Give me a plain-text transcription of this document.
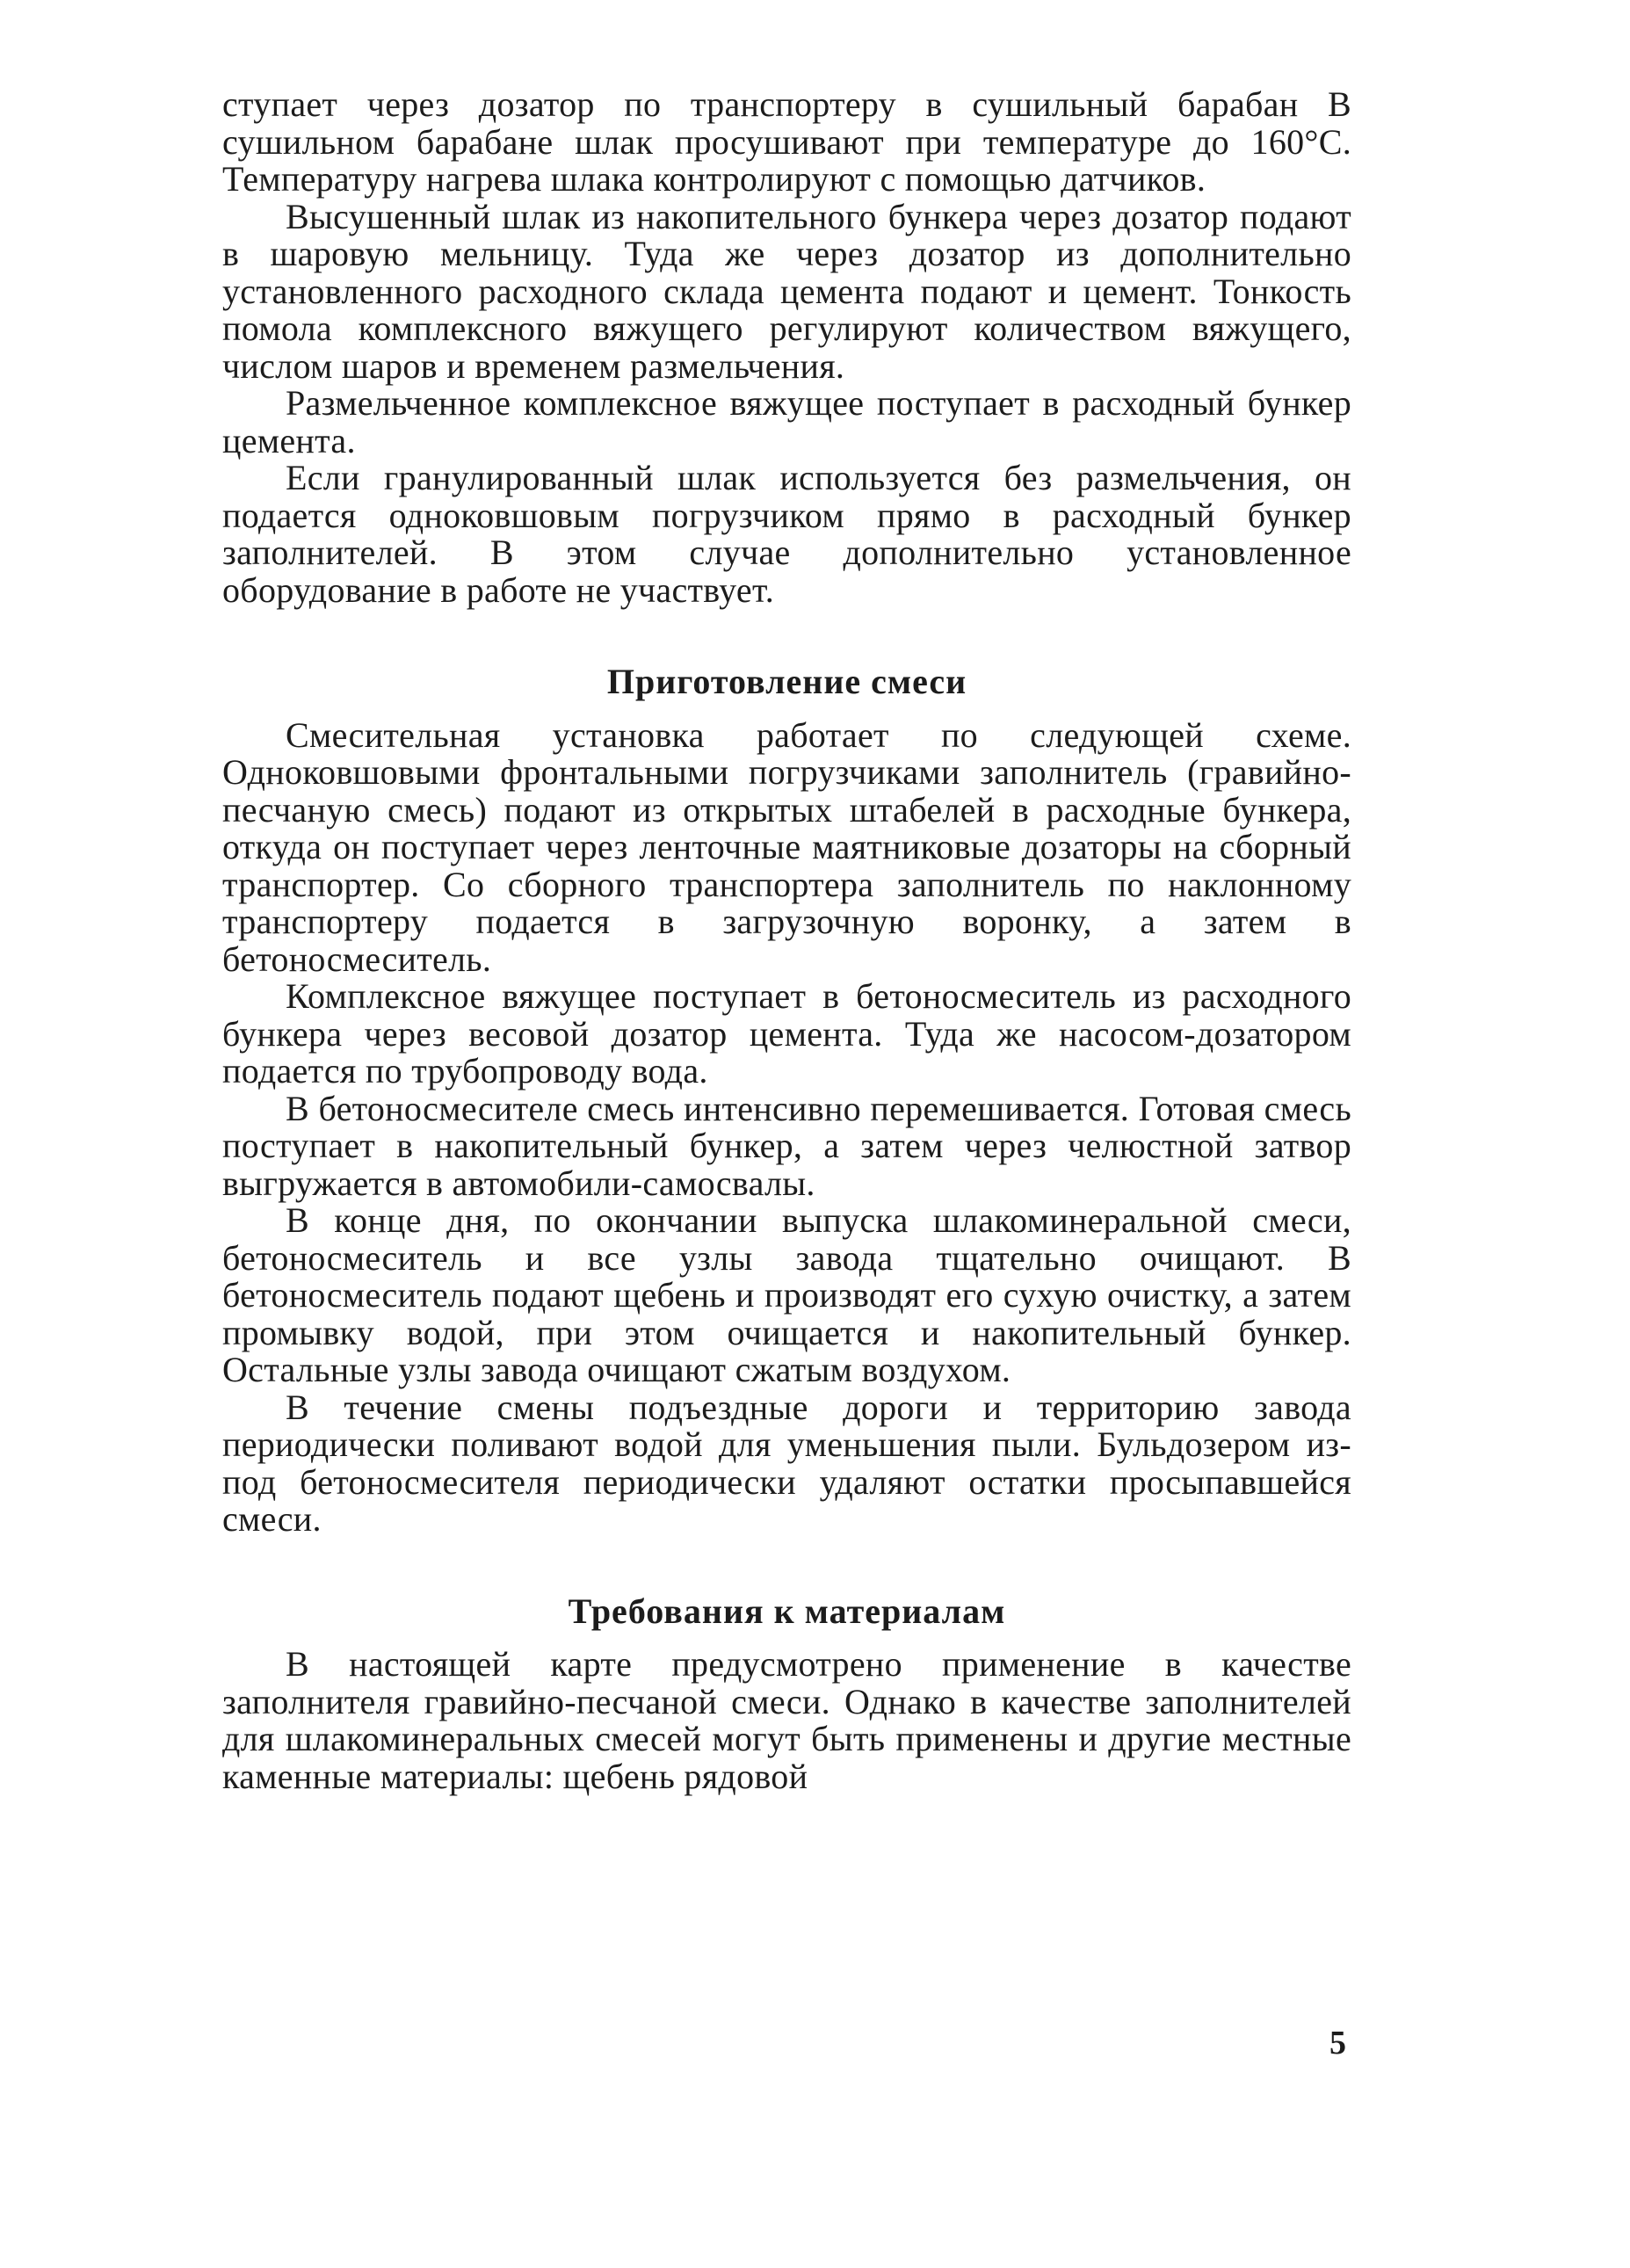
ступает через дозатор по транспортеру в сушильный барабан В сушильном барабане шлак просушивают при температуре до 160°С. Температуру нагрева шлака контролируют с помощью датчиков.

Высушенный шлак из накопительного бункера через дозатор подают в шаровую мельницу. Туда же через дозатор из дополнительно установленного расходного склада цемента подают и цемент. Тонкость помола комплексного вяжущего регулируют количеством вяжущего, числом шаров и временем размельчения.

Размельченное комплексное вяжущее поступает в расходный бункер цемента.

Если гранулированный шлак используется без размельчения, он подается одноковшовым погрузчиком прямо в расходный бункер заполнителей. В этом случае дополнительно установленное оборудование в работе не участвует.

Приготовление смеси

Смесительная установка работает по следующей схеме. Одноковшовыми фронтальными погрузчиками заполнитель (гравийно-песчаную смесь) подают из открытых штабелей в расходные бункера, откуда он поступает через ленточные маятниковые дозаторы на сборный транспортер. Со сборного транспортера заполнитель по наклонному транспортеру подается в загрузочную воронку, а затем в бетоносмеситель.

Комплексное вяжущее поступает в бетоносмеситель из расходного бункера через весовой дозатор цемента. Туда же насосом-дозатором подается по трубопроводу вода.

В бетоносмесителе смесь интенсивно перемешивается. Готовая смесь поступает в накопительный бункер, а затем через челюстной затвор выгружается в автомобили-самосвалы.

В конце дня, по окончании выпуска шлакоминеральной смеси, бетоносмеситель и все узлы завода тщательно очищают. В бетоносмеситель подают щебень и производят его сухую очистку, а затем промывку водой, при этом очищается и накопительный бункер. Остальные узлы завода очищают сжатым воздухом.

В течение смены подъездные дороги и территорию завода периодически поливают водой для уменьшения пыли. Бульдозером из-под бетоносмесителя периодически удаляют остатки просыпавшейся смеси.

Требования к материалам

В настоящей карте предусмотрено применение в качестве заполнителя гравийно-песчаной смеси. Однако в качестве заполнителей для шлакоминеральных смесей могут быть применены и другие местные каменные материалы: щебень рядовой

5
